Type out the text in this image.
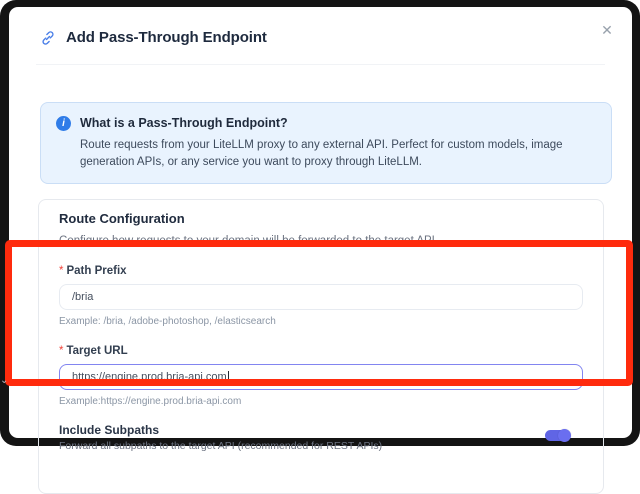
✕
Add Pass-Through Endpoint
i	What is a Pass-Through Endpoint?
Route requests from your LiteLLM proxy to any external API. Perfect for custom models, image generation APIs, or any service you want to proxy through LiteLLM.
Route Configuration
Configure how requests to your domain will be forwarded to the target API
* Path Prefix
/bria
Example: /bria, /adobe-photoshop, /elasticsearch
* Target URL
https://engine.prod.bria-api.com
Example:https://engine.prod.bria-api.com
Include Subpaths
Forward all subpaths to the target API (recommended for REST APIs)
⌄
